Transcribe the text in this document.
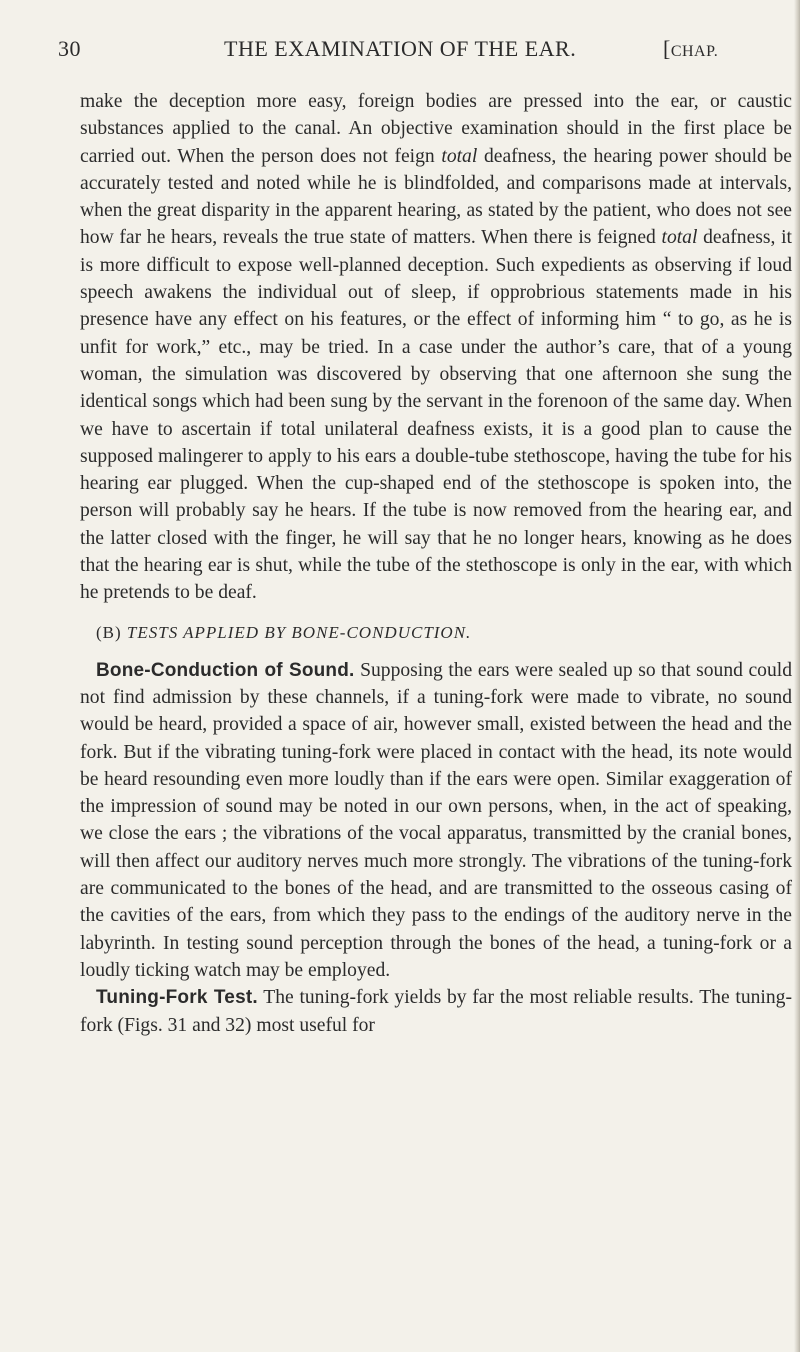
30	THE EXAMINATION OF THE EAR.	[CHAP.

make the deception more easy, foreign bodies are pressed into the ear, or caustic substances applied to the canal. An objective examination should in the first place be carried out. When the person does not feign total deafness, the hearing power should be accurately tested and noted while he is blindfolded, and comparisons made at intervals, when the great disparity in the apparent hearing, as stated by the patient, who does not see how far he hears, reveals the true state of matters. When there is feigned total deafness, it is more difficult to expose well-planned deception. Such expedients as observing if loud speech awakens the individual out of sleep, if opprobrious statements made in his presence have any effect on his features, or the effect of informing him “ to go, as he is unfit for work,” etc., may be tried. In a case under the author’s care, that of a young woman, the simulation was discovered by observing that one afternoon she sung the identical songs which had been sung by the servant in the forenoon of the same day. When we have to ascertain if total unilateral deafness exists, it is a good plan to cause the supposed malingerer to apply to his ears a double-tube stethoscope, having the tube for his hearing ear plugged. When the cup-shaped end of the stethoscope is spoken into, the person will probably say he hears. If the tube is now removed from the hearing ear, and the latter closed with the finger, he will say that he no longer hears, knowing as he does that the hearing ear is shut, while the tube of the stethoscope is only in the ear, with which he pretends to be deaf.

(B) TESTS APPLIED BY BONE-CONDUCTION.

Bone-Conduction of Sound. Supposing the ears were sealed up so that sound could not find admission by these channels, if a tuning-fork were made to vibrate, no sound would be heard, provided a space of air, however small, existed between the head and the fork. But if the vibrating tuning-fork were placed in contact with the head, its note would be heard resounding even more loudly than if the ears were open. Similar exaggeration of the impression of sound may be noted in our own persons, when, in the act of speaking, we close the ears ; the vibrations of the vocal apparatus, transmitted by the cranial bones, will then affect our auditory nerves much more strongly. The vibrations of the tuning-fork are communicated to the bones of the head, and are transmitted to the osseous casing of the cavities of the ears, from which they pass to the endings of the auditory nerve in the labyrinth. In testing sound perception through the bones of the head, a tuning-fork or a loudly ticking watch may be employed.

Tuning-Fork Test. The tuning-fork yields by far the most reliable results. The tuning-fork (Figs. 31 and 32) most useful for
